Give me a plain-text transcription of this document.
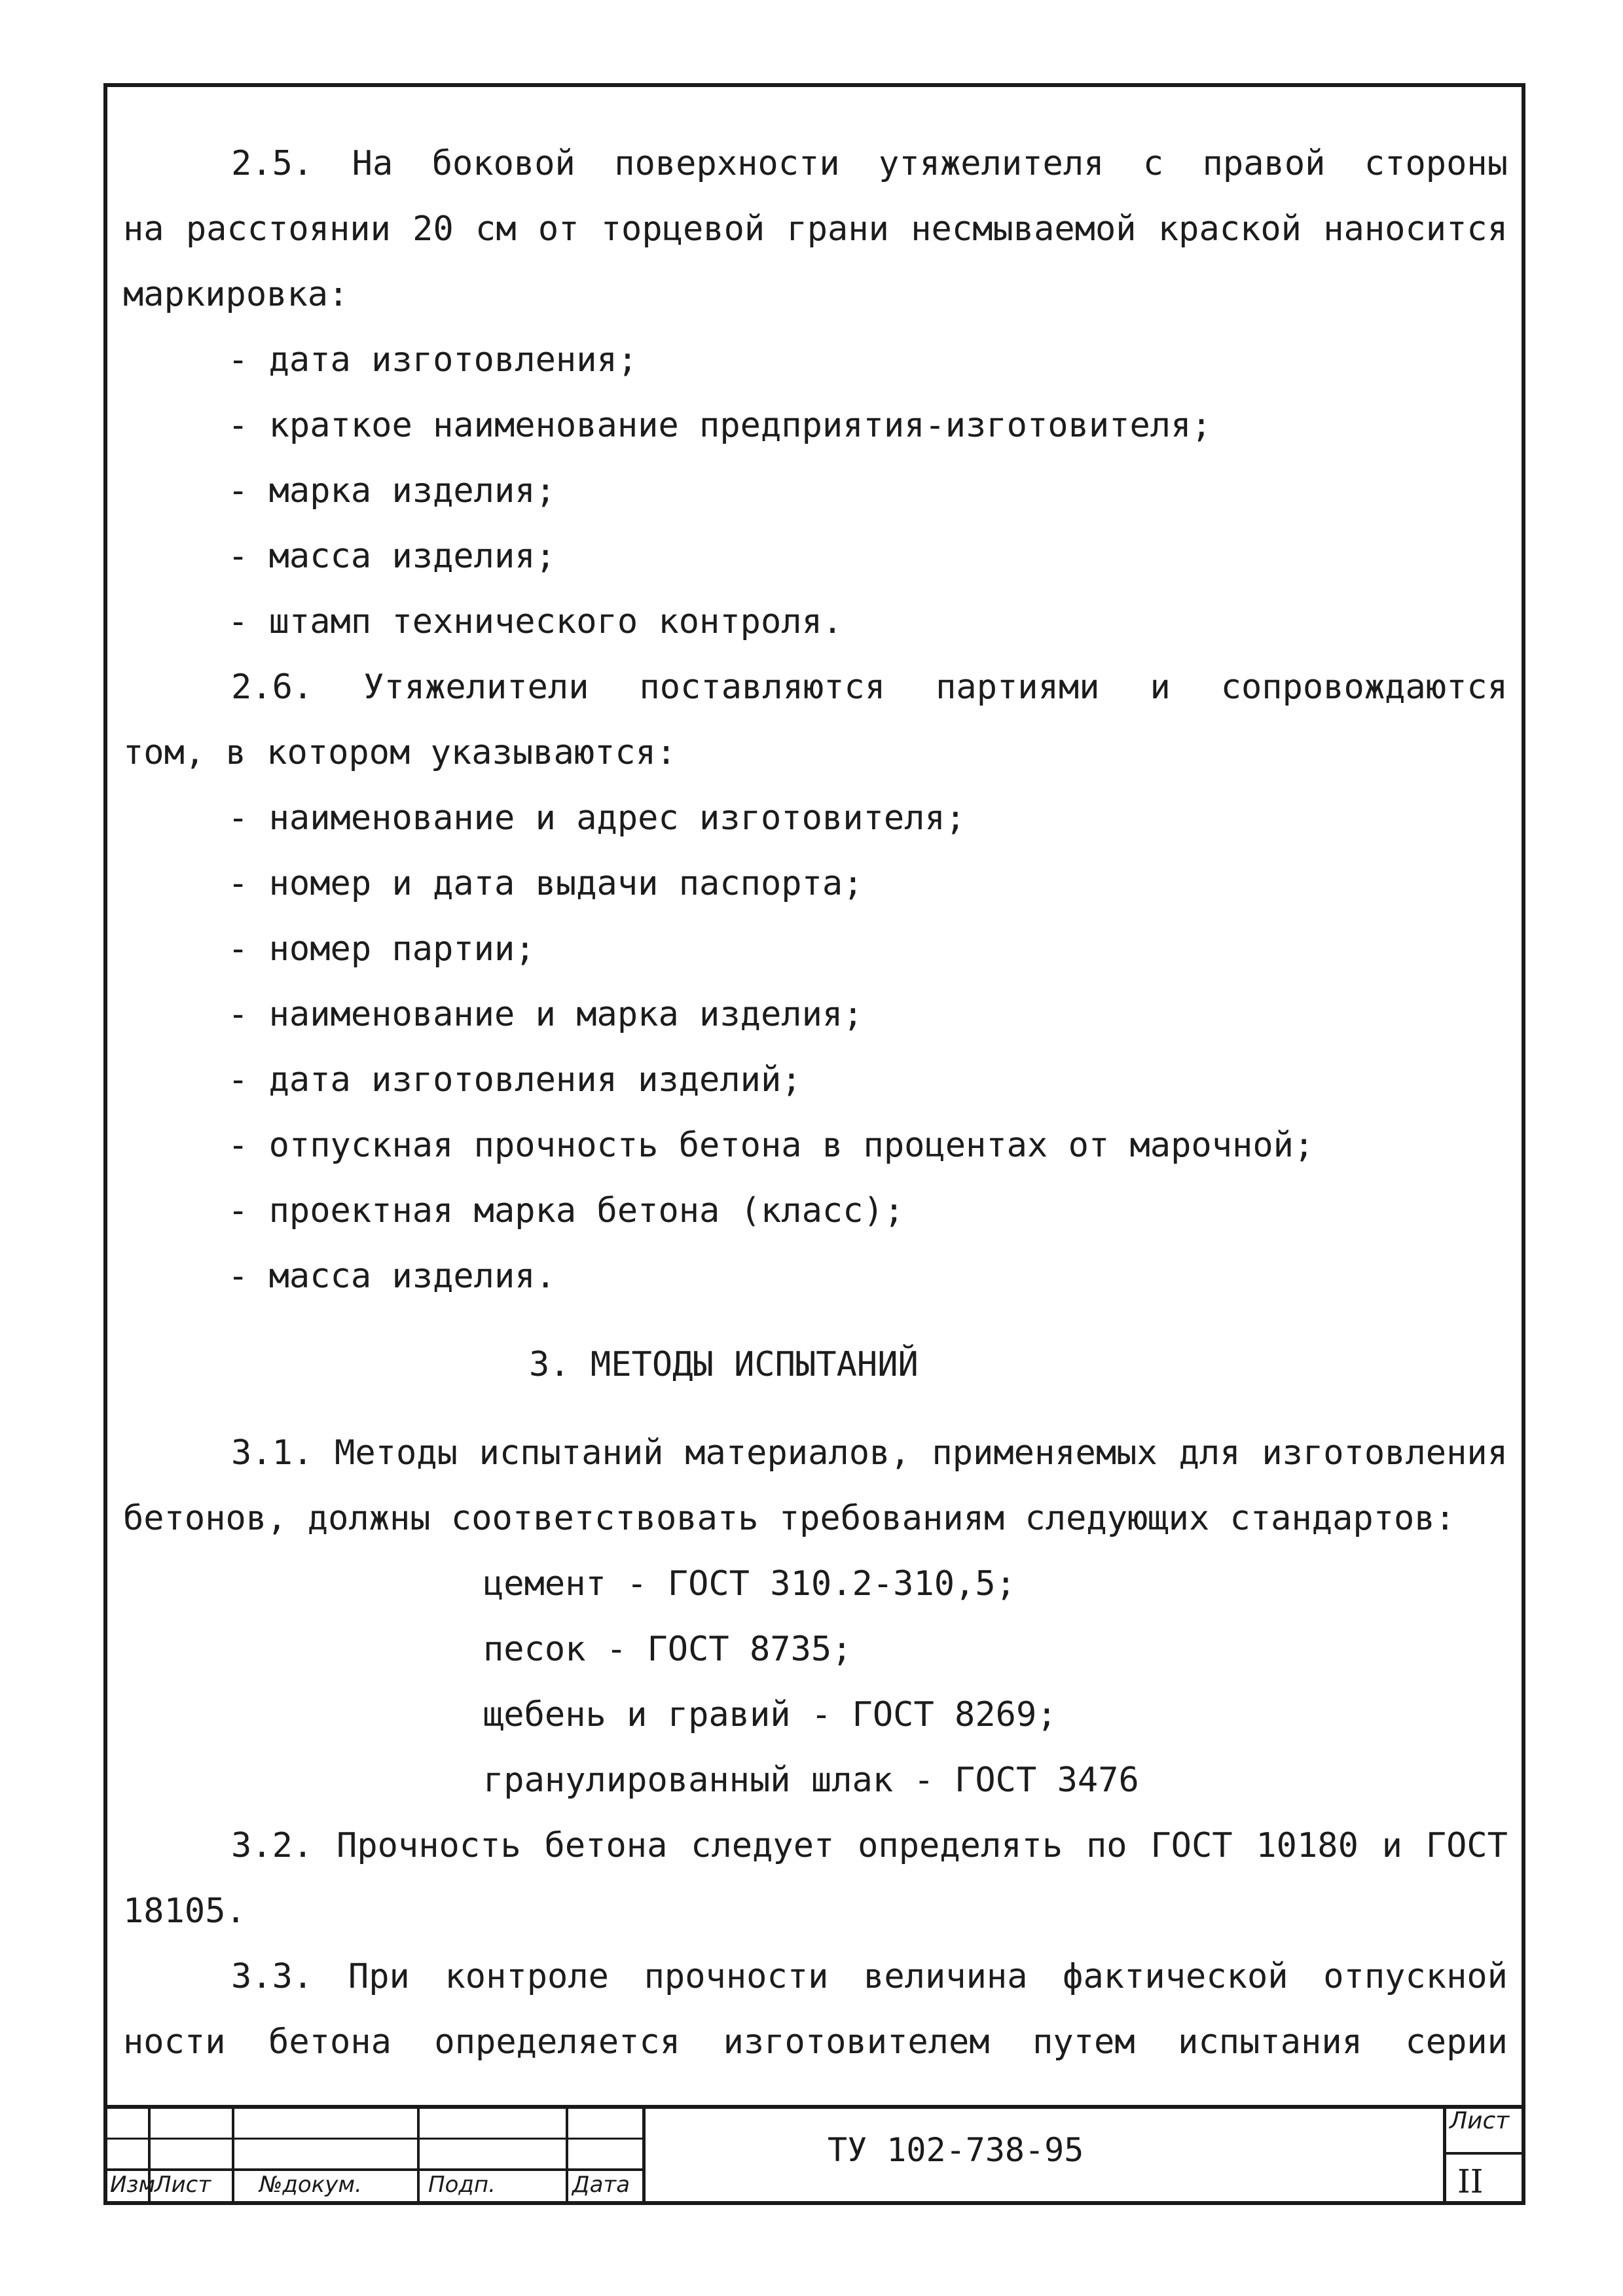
2.5. На боковой поверхности утяжелителя с правой стороны
на расстоянии 20 см от торцевой грани несмываемой краской наносится
маркировка:
- дата изготовления;
- краткое наименование предприятия-изготовителя;
- марка изделия;
- масса изделия;
- штамп технического контроля.
2.6. Утяжелители поставляются партиями и сопровождаются
том, в котором указываются:
- наименование и адрес изготовителя;
- номер и дата выдачи паспорта;
- номер партии;
- наименование и марка изделия;
- дата изготовления изделий;
- отпускная прочность бетона в процентах от марочной;
- проектная марка бетона (класс);
- масса изделия.
3. МЕТОДЫ ИСПЫТАНИЙ
3.1. Методы испытаний материалов, применяемых для изготовления
бетонов, должны соответствовать требованиям следующих стандартов:
цемент - ГОСТ 310.2-310,5;
песок - ГОСТ 8735;
щебень и гравий - ГОСТ 8269;
гранулированный шлак - ГОСТ 3476
3.2. Прочность бетона следует определять по ГОСТ 10180 и ГОСТ
18105.
3.3. При контроле прочности величина фактической отпускной
ности бетона определяется изготовителем путем испытания серии
Изм
Лист №докум.	Подп.	Дата
ТУ 102-738-95
Лист
II
